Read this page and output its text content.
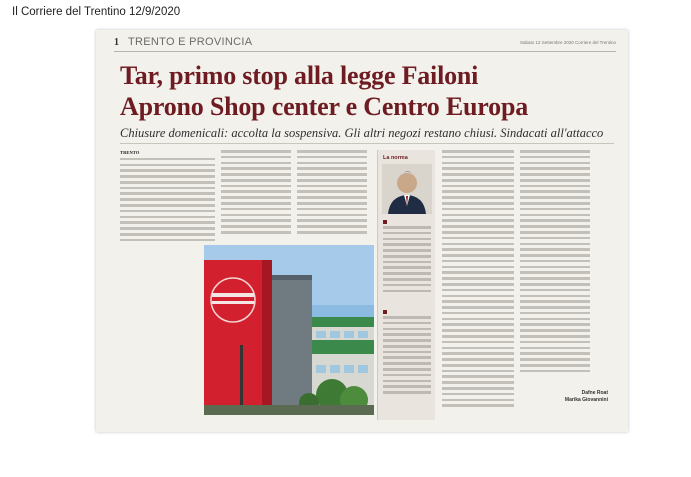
Il Corriere del Trentino 12/9/2020
1 TRENTO E PROVINCIA	Sabato 12 Settembre 2020 Corriere del Trentino
Tar, primo stop alla legge Failoni
Aprono Shop center e Centro Europa
Chiusure domenicali: accolta la sospensiva. Gli altri negozi restano chiusi. Sindacati all'attacco
TRENTO
La norma
Dafne Roat
Marika Giovannini
